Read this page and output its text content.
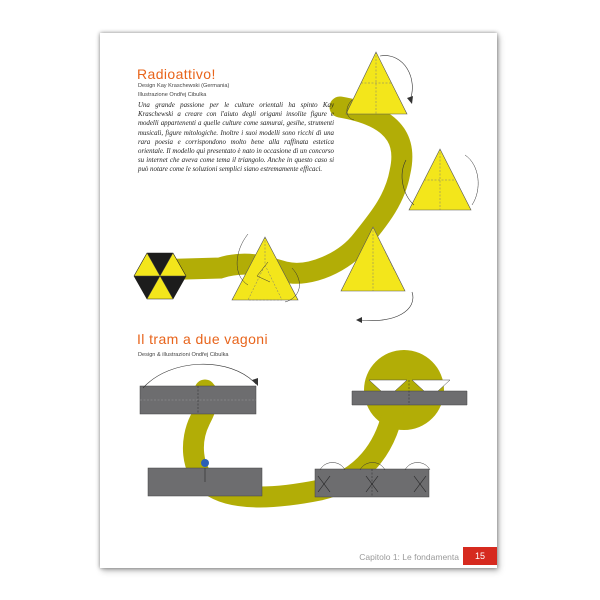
Radioattivo!
Design Kay Kraschewski (Germania)
Illustrazione Ondřej Cibulka
Il tram a due vagoni
Design & illustrazioni Ondřej Cibulka
Una grande passione per le culture orientali ha spinto Kay Kraschewski a creare con l'aiuto degli origami insolite figure e modelli appartenenti a quelle culture come samurai, gesihe, strumenti musicali, figure mitologiche. Inoltre i suoi modelli sono ricchi di una rara poesia e corrispondono molto bene alla raffinata estetica orientale. Il modello qui presentato è nato in occasione di un concorso su internet che aveva come tema il triangolo. Anche in questo caso si può notare come le soluzioni semplici siano estremamente efficaci.
Capitolo 1: Le fondamenta	15
